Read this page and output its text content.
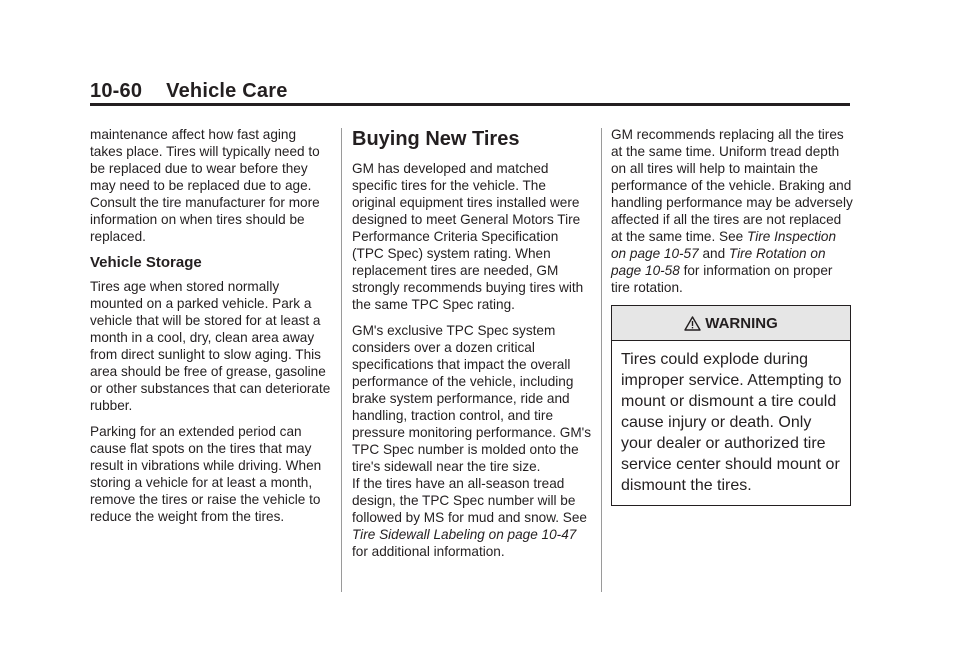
10-60 Vehicle Care

maintenance affect how fast aging takes place. Tires will typically need to be replaced due to wear before they may need to be replaced due to age. Consult the tire manufacturer for more information on when tires should be replaced.

Vehicle Storage

Tires age when stored normally mounted on a parked vehicle. Park a vehicle that will be stored for at least a month in a cool, dry, clean area away from direct sunlight to slow aging. This area should be free of grease, gasoline or other substances that can deteriorate rubber.

Parking for an extended period can cause flat spots on the tires that may result in vibrations while driving. When storing a vehicle for at least a month, remove the tires or raise the vehicle to reduce the weight from the tires.

Buying New Tires

GM has developed and matched specific tires for the vehicle. The original equipment tires installed were designed to meet General Motors Tire Performance Criteria Specification (TPC Spec) system rating. When replacement tires are needed, GM strongly recommends buying tires with the same TPC Spec rating.

GM's exclusive TPC Spec system considers over a dozen critical specifications that impact the overall performance of the vehicle, including brake system performance, ride and handling, traction control, and tire pressure monitoring performance. GM's TPC Spec number is molded onto the tire's sidewall near the tire size.

If the tires have an all-season tread design, the TPC Spec number will be followed by MS for mud and snow. See Tire Sidewall Labeling on page 10-47 for additional information.

GM recommends replacing all the tires at the same time. Uniform tread depth on all tires will help to maintain the performance of the vehicle. Braking and handling performance may be adversely affected if all the tires are not replaced at the same time. See Tire Inspection on page 10-57 and Tire Rotation on page 10-58 for information on proper tire rotation.

WARNING
Tires could explode during improper service. Attempting to mount or dismount a tire could cause injury or death. Only your dealer or authorized tire service center should mount or dismount the tires.
